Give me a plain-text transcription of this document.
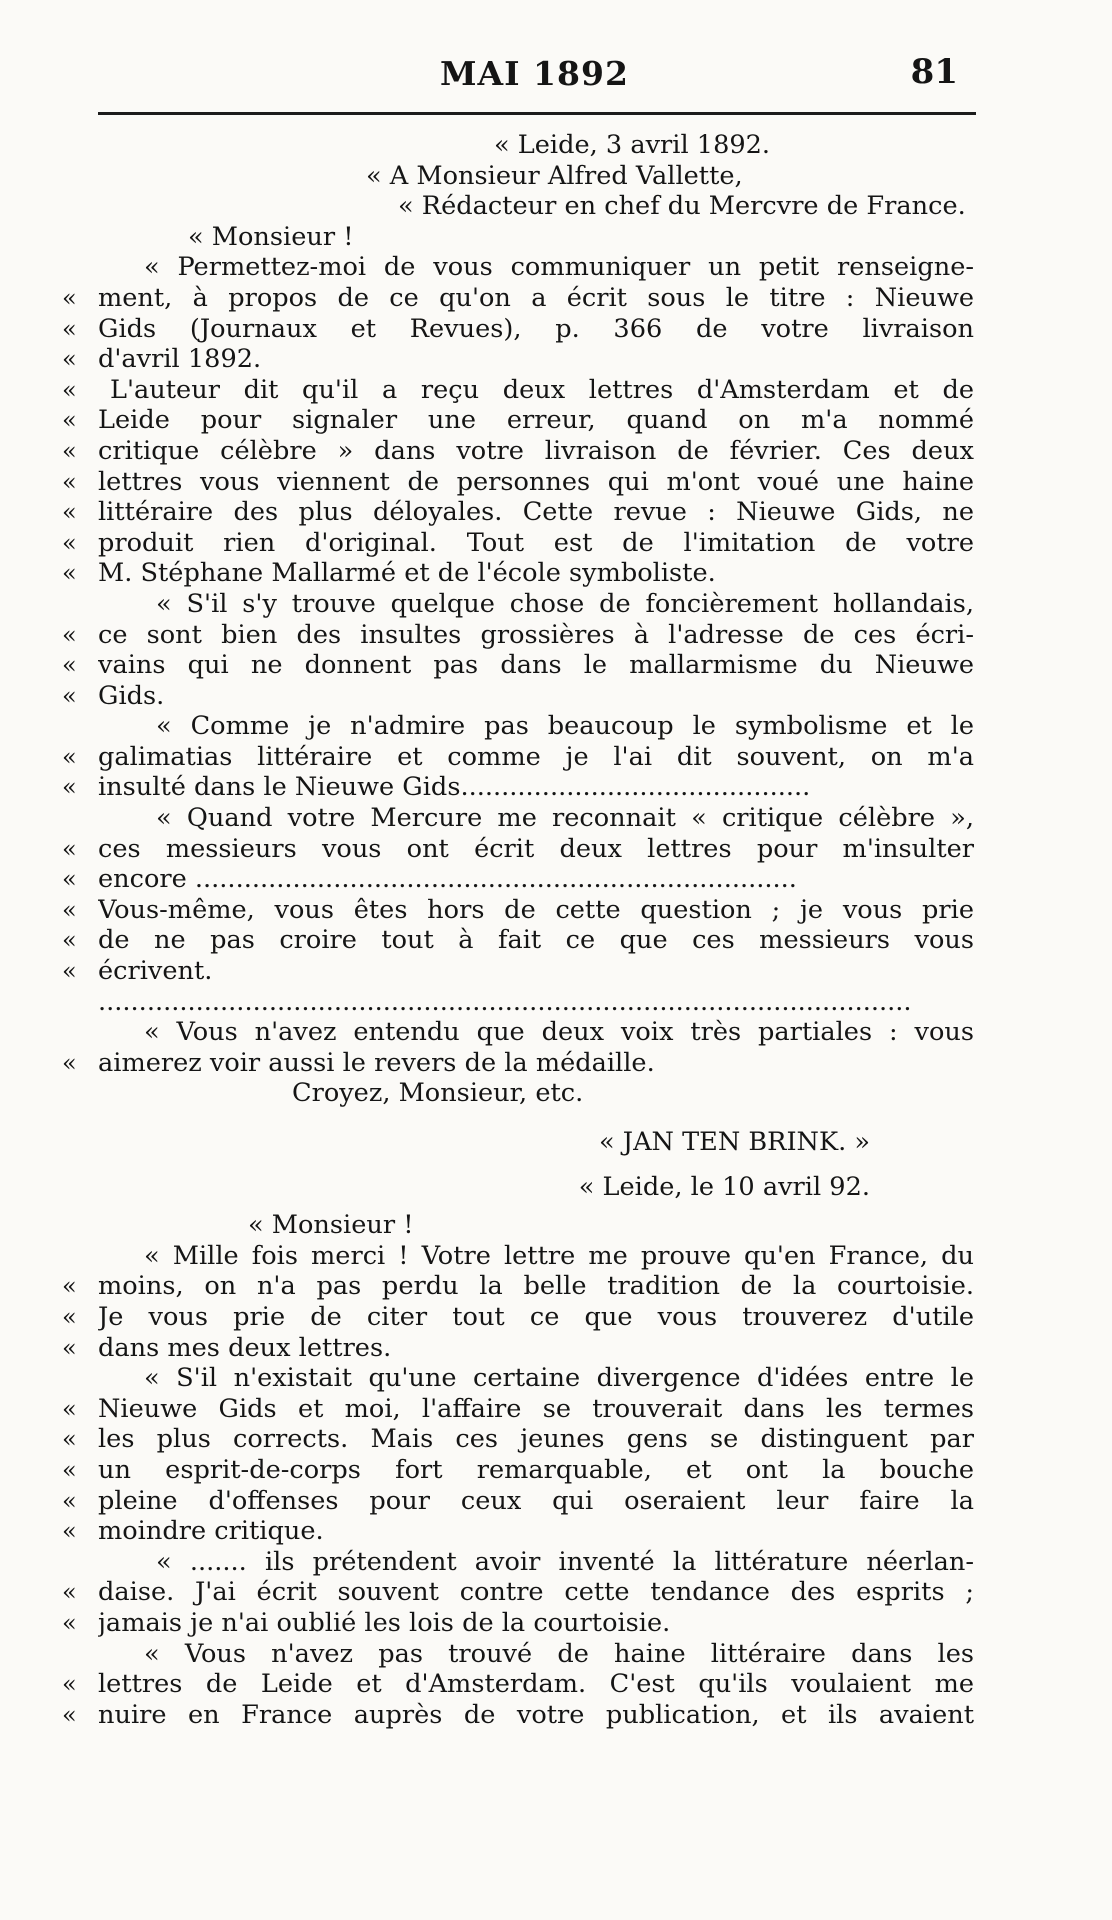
MAI 1892	81
« Leide, 3 avril 1892.
« A Monsieur Alfred Vallette,
« Rédacteur en chef du Mercvre de France.
« Monsieur !
« Permettez-moi de vous communiquer un petit renseigne-
« ment, à propos de ce qu'on a écrit sous le titre : Nieuwe
« Gids (Journaux et Revues), p. 366 de votre livraison
« d'avril 1892.
«	L'auteur dit qu'il a reçu deux lettres d'Amsterdam et de
« Leide pour signaler une erreur, quand on m'a nommé
« critique célèbre » dans votre livraison de février. Ces deux
« lettres vous viennent de personnes qui m'ont voué une haine
« littéraire des plus déloyales. Cette revue : Nieuwe Gids, ne
« produit rien d'original. Tout est de l'imitation de votre
« M. Stéphane Mallarmé et de l'école symboliste.
« S'il s'y trouve quelque chose de foncièrement hollandais,
« ce sont bien des insultes grossières à l'adresse de ces écri-
« vains qui ne donnent pas dans le mallarmisme du Nieuwe
« Gids.
« Comme je n'admire pas beaucoup le symbolisme et le
« galimatias littéraire et comme je l'ai dit souvent, on m'a
« insulté dans le Nieuwe Gids...........................................
« Quand votre Mercure me reconnait « critique célèbre »,
« ces messieurs vous ont écrit deux lettres pour m'insulter
« encore ..........................................................................
« Vous-même, vous êtes hors de cette question ; je vous prie
« de ne pas croire tout à fait ce que ces messieurs vous
« écrivent.
....................................................................................................
« Vous n'avez entendu que deux voix très partiales : vous
« aimerez voir aussi le revers de la médaille.
Croyez, Monsieur, etc.
« JAN TEN BRINK. »
« Leide, le 10 avril 92.
« Monsieur !
« Mille fois merci ! Votre lettre me prouve qu'en France, du
« moins, on n'a pas perdu la belle tradition de la courtoisie.
« Je vous prie de citer tout ce que vous trouverez d'utile
« dans mes deux lettres.
« S'il n'existait qu'une certaine divergence d'idées entre le
« Nieuwe Gids et moi, l'affaire se trouverait dans les termes
« les plus corrects. Mais ces jeunes gens se distinguent par
« un esprit-de-corps fort remarquable, et ont la bouche
« pleine d'offenses pour ceux qui oseraient leur faire la
« moindre critique.
« ....... ils prétendent avoir inventé la littérature néerlan-
« daise. J'ai écrit souvent contre cette tendance des esprits ;
« jamais je n'ai oublié les lois de la courtoisie.
« Vous n'avez pas trouvé de haine littéraire dans les
« lettres de Leide et d'Amsterdam. C'est qu'ils voulaient me
« nuire en France auprès de votre publication, et ils avaient
